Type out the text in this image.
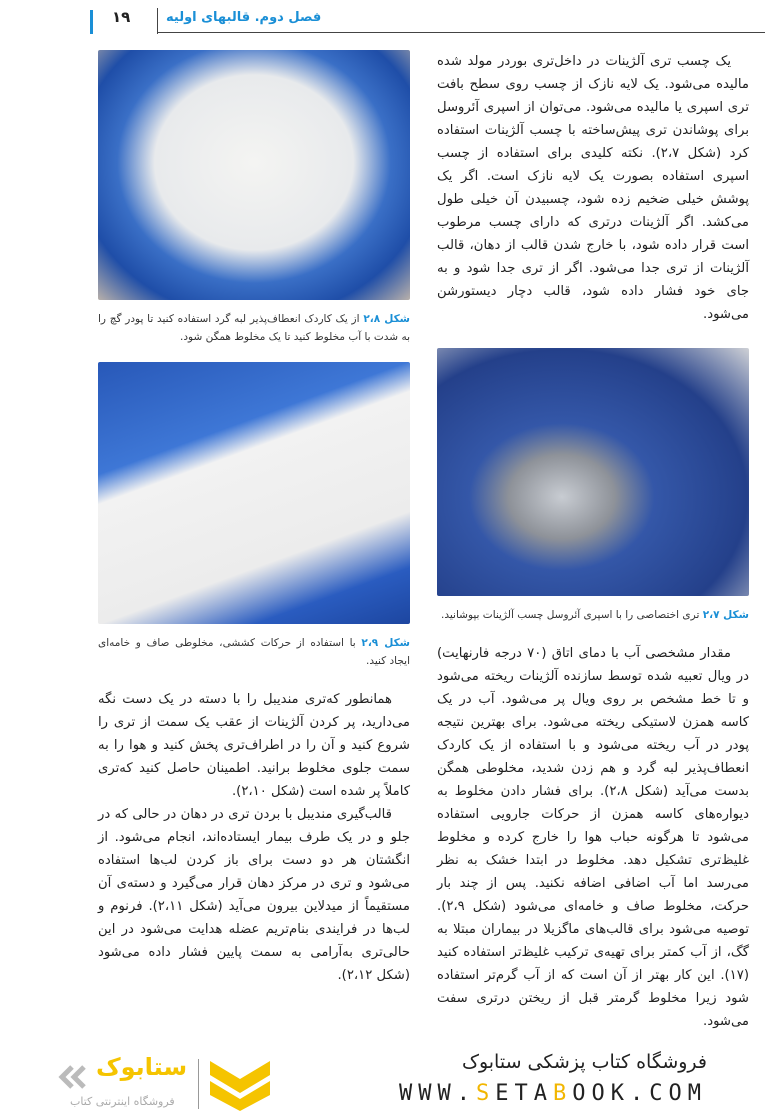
۱۹	فصل دوم. قالبهای اولیه
شکل ۲،۸ از یک کاردک انعطاف‌پذیر لبه گرد استفاده کنید تا پودر گچ را به شدت با آب مخلوط کنید تا یک مخلوط همگن شود.
شکل ۲،۹ با استفاده از حرکات کششی، مخلوطی صاف و خامه‌ای ایجاد کنید.

همانطور که‌تری مندیبل را با دسته در یک دست نگه می‌دارید، پر کردن آلژینات از عقب یک سمت از تری را شروع کنید و آن را در اطراف‌تری پخش کنید و هوا را به سمت جلوی مخلوط برانید. اطمینان حاصل کنید که‌تری کاملاً پر شده است (شکل ۲،۱۰).

قالب‌گیری مندیبل با بردن تری در دهان در حالی که در جلو و در یک طرف بیمار ایستاده‌اند، انجام می‌شود. از انگشتان هر دو دست برای باز کردن لب‌ها استفاده می‌شود و تری در مرکز دهان قرار می‌گیرد و دسته‌ی آن مستقیماً از میدلاین بیرون می‌آید (شکل ۲،۱۱). فرنوم و لب‌ها در فرایندی بنام‌تریم عضله هدایت می‌شود در این حالی‌تری به‌آرامی به سمت پایین فشار داده می‌شود (شکل ۲،۱۲).

یک چسب تری آلژینات در داخل‌تری بوردر مولد شده مالیده می‌شود. یک لایه نازک از چسب روی سطح بافت تری اسپری یا مالیده می‌شود. می‌توان از اسپری آئروسل برای پوشاندن تری پیش‌ساخته با چسب آلژینات استفاده کرد (شکل ۲،۷). نکته کلیدی برای استفاده از چسب اسپری استفاده بصورت یک لایه نازک است. اگر یک پوشش خیلی ضخیم زده شود، چسبیدن آن خیلی طول می‌کشد. اگر آلژینات درتری که دارای چسب مرطوب است قرار داده شود، با خارج شدن قالب از دهان، قالب آلژینات از تری جدا می‌شود. اگر از تری جدا شود و به جای خود فشار داده شود، قالب دچار دیستورشن می‌شود.

شکل ۲،۷ تری اختصاصی را با اسپری آئروسل چسب آلژینات بپوشانید.

مقدار مشخصی آب با دمای اتاق (۷۰ درجه فارنهایت) در ویال تعبیه شده توسط سازنده آلژینات ریخته می‌شود و تا خط مشخص بر روی ویال پر می‌شود. آب در یک کاسه همزن لاستیکی ریخته می‌شود. برای بهترین نتیجه پودر در آب ریخته می‌شود و با استفاده از یک کاردک انعطاف‌پذیر لبه گرد و هم زدن شدید، مخلوطی همگن بدست می‌آید (شکل ۲،۸). برای فشار دادن مخلوط به دیواره‌های کاسه همزن از حرکات جارویی استفاده می‌شود تا هرگونه حباب هوا را خارج کرده و مخلوط غلیظ‌تری تشکیل دهد. مخلوط در ابتدا خشک به نظر می‌رسد اما آب اضافی اضافه نکنید. پس از چند بار حرکت، مخلوط صاف و خامه‌ای می‌شود (شکل ۲،۹). توصیه می‌شود برای قالب‌های ماگزیلا در بیماران مبتلا به گگ، از آب کمتر برای تهیه‌ی ترکیب غلیظ‌تر استفاده کنید (۱۷). این کار بهتر از آن است که از آب گرم‌تر استفاده شود زیرا مخلوط گرمتر قبل از ریختن درتری سفت می‌شود.

فروشگاه کتاب پزشکی ستابوک
WWW.SETABOOK.COM
ستابوک
فروشگاه اینترنتی کتاب
